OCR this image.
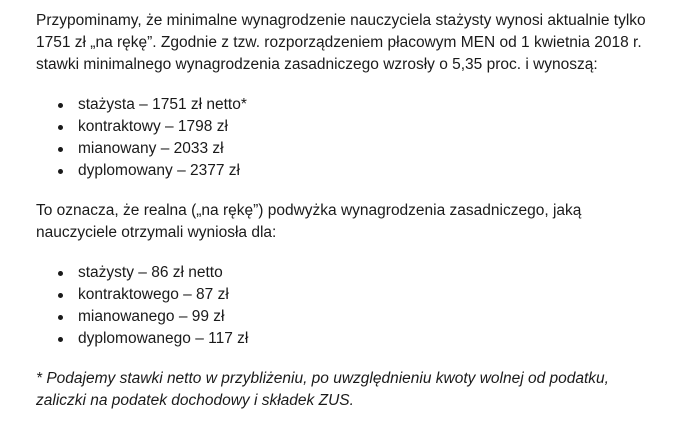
Przypominamy, że minimalne wynagrodzenie nauczyciela stażysty wynosi aktualnie tylko 1751 zł „na rękę”. Zgodnie z tzw. rozporządzeniem płacowym MEN od 1 kwietnia 2018 r. stawki minimalnego wynagrodzenia zasadniczego wzrosły o 5,35 proc. i wynoszą:

stażysta – 1751 zł netto*
kontraktowy – 1798 zł
mianowany – 2033 zł
dyplomowany – 2377 zł

To oznacza, że realna („na rękę”) podwyżka wynagrodzenia zasadniczego, jaką nauczyciele otrzymali wyniosła dla:

stażysty – 86 zł netto
kontraktowego – 87 zł
mianowanego – 99 zł
dyplomowanego – 117 zł

* Podajemy stawki netto w przybliżeniu, po uwzględnieniu kwoty wolnej od podatku, zaliczki na podatek dochodowy i składek ZUS.
